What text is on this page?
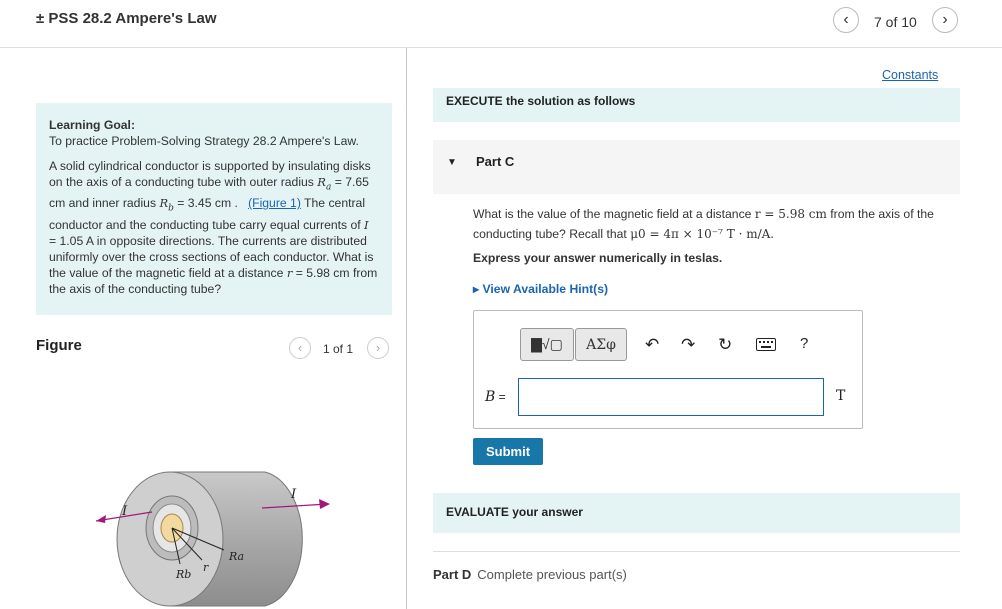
± PSS 28.2 Ampere's Law	‹	7 of 10	›
Learning Goal:

To practice Problem-Solving Strategy 28.2 Ampere's Law.

A solid cylindrical conductor is supported by insulating disks on the axis of a conducting tube with outer radius $R_a = 7.65$ cm and inner radius $R_b = 3.45$ cm . (Figure 1) The central conductor and the conducting tube carry equal currents of I = 1.05 A in opposite directions. The currents are distributed uniformly over the cross sections of each conductor. What is the value of the magnetic field at a distance r = 5.98 cm from the axis of the conducting tube?

Figure	‹	1 of 1	›
I
I
Ra
Rb
r
Constants
EXECUTE the solution as follows
▼ Part C
What is the value of the magnetic field at a distance r = 5.98 cm from the axis of the conducting tube? Recall that μ0 = 4π × 10⁻⁷ T · m/A.
Express your answer numerically in teslas.
▸ View Available Hint(s)
▇√▢	ΑΣφ	↶ ↷ ↻	?
B =	T
Submit
EVALUATE your answer
Part D Complete previous part(s)
